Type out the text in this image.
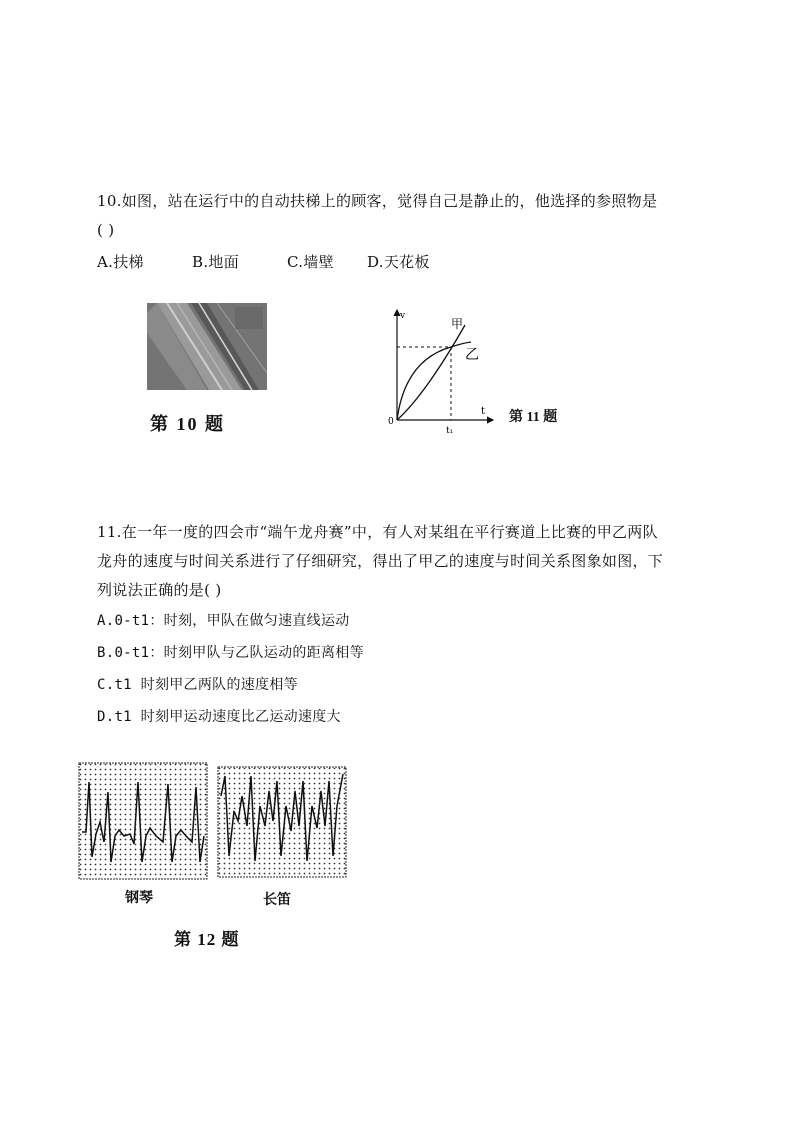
10.如图，站在运行中的自动扶梯上的顾客，觉得自己是静止的，他选择的参照物是
( )
A.扶梯	B.地面	C.墙壁	D.天花板
第 10 题
v
t
0
t₁
甲
乙
第 11 题
11.在一年一度的四会市“端午龙舟赛”中，有人对某组在平行赛道上比赛的甲乙两队
龙舟的速度与时间关系进行了仔细研究，得出了甲乙的速度与时间关系图象如图，下
列说法正确的是( )
A.0-t1：时刻，甲队在做匀速直线运动
B.0-t1：时刻甲队与乙队运动的距离相等
C.t1 时刻甲乙两队的速度相等
D.t1 时刻甲运动速度比乙运动速度大
钢琴	长笛
第 12 题
